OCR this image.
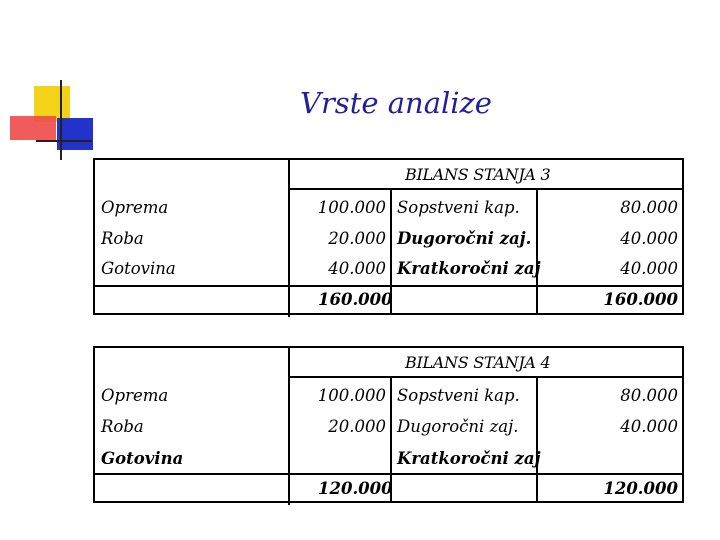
Vrste analize
BILANS STANJA 3
Oprema	100.000 Sopstveni kap.	80.000
Roba	20.000 Dugoročni zaj.	40.000
Gotovina	40.000 Kratkoročni zaj	40.000
160.000	160.000
BILANS STANJA 4
Oprema	100.000 Sopstveni kap.	80.000
Roba	20.000 Dugoročni zaj.	40.000
Gotovina	Kratkoročni zaj
120.000	120.000
